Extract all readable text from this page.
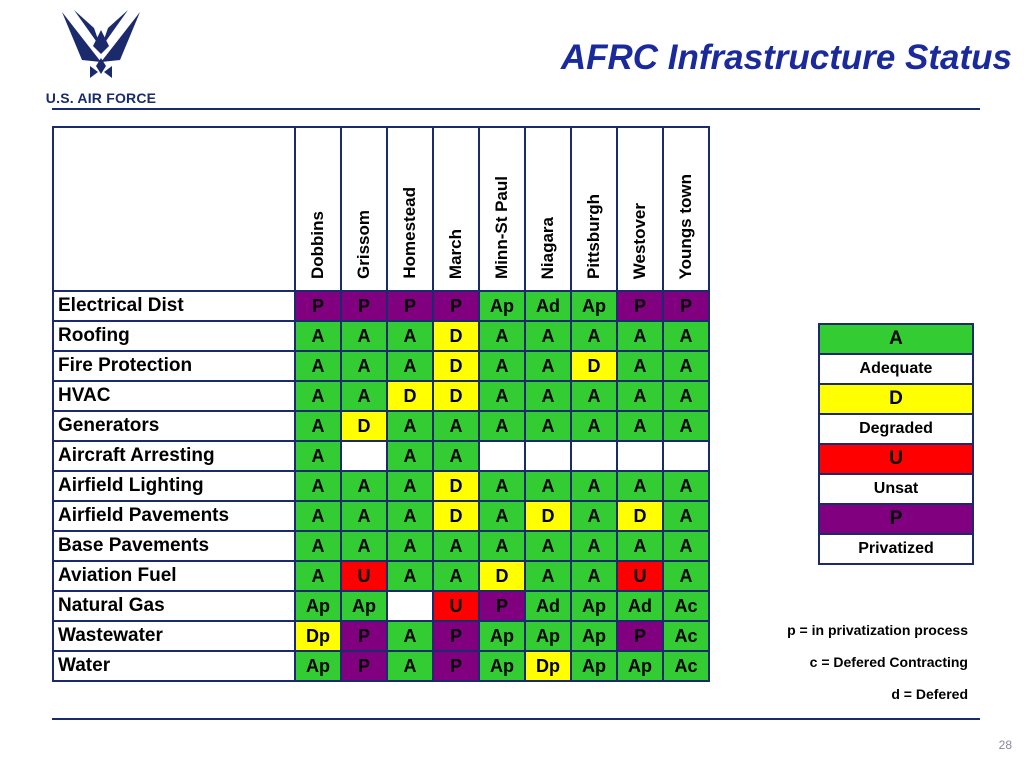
U.S. AIR FORCE
AFRC Infrastructure Status
	Dobbins	Grissom	Homestead	March	Minn-St Paul	Niagara	Pittsburgh	Westover	Youngs town
Electrical Dist	P	P	P	P	Ap	Ad	Ap	P	P
Roofing	A	A	A	D	A	A	A	A	A
Fire Protection	A	A	A	D	A	A	D	A	A
HVAC	A	A	D	D	A	A	A	A	A
Generators	A	D	A	A	A	A	A	A	A
Aircraft Arresting	A		A	A					
Airfield Lighting	A	A	A	D	A	A	A	A	A
Airfield Pavements	A	A	A	D	A	D	A	D	A
Base Pavements	A	A	A	A	A	A	A	A	A
Aviation Fuel	A	U	A	A	D	A	A	U	A
Natural Gas	Ap	Ap		U	P	Ad	Ap	Ad	Ac
Wastewater	Dp	P	A	P	Ap	Ap	Ap	P	Ac
Water	Ap	P	A	P	Ap	Dp	Ap	Ap	Ac
A
Adequate
D
Degraded
U
Unsat
P
Privatized
p = in privatization process
c = Defered Contracting
d = Defered
28
